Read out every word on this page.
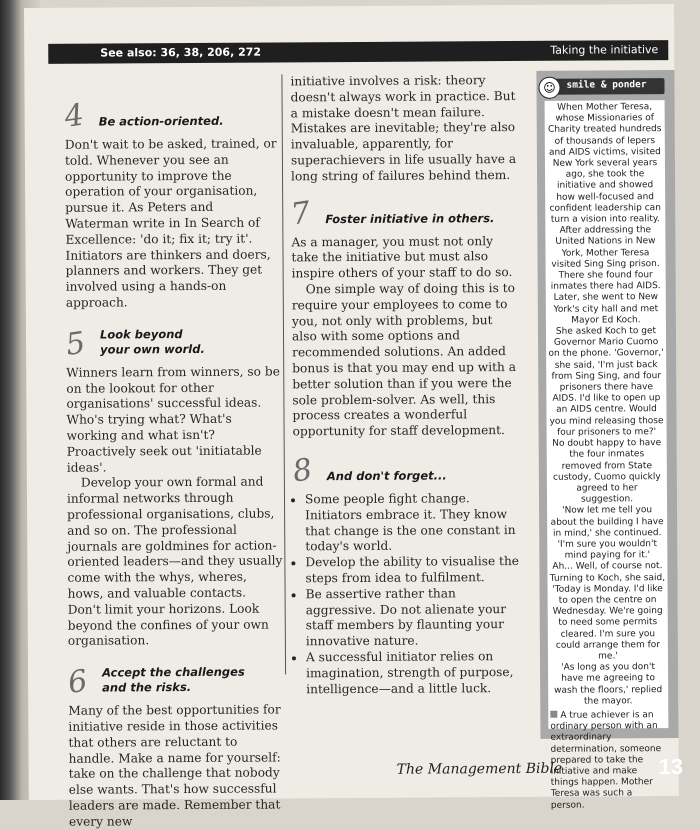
See also: 36, 38, 206, 272	Taking the initiative
4	Be action-oriented.

Don't wait to be asked, trained, or told. Whenever you see an opportunity to improve the operation of your organisation, pursue it. As Peters and Waterman write in In Search of Excellence: 'do it; fix it; try it'. Initiators are thinkers and doers, planners and workers. They get involved using a hands-on approach.

5	Look beyond
your own world.

Winners learn from winners, so be on the lookout for other organisations' successful ideas. Who's trying what? What's working and what isn't? Proactively seek out 'initiatable ideas'.

Develop your own formal and informal networks through professional organisations, clubs, and so on. The professional journals are goldmines for action-oriented leaders—and they usually come with the whys, wheres, hows, and valuable contacts. Don't limit your horizons. Look beyond the confines of your own organisation.

6	Accept the challenges
and the risks.

Many of the best opportunities for initiative reside in those activities that others are reluctant to handle. Make a name for yourself: take on the challenge that nobody else wants. That's how successful leaders are made. Remember that every new

initiative involves a risk: theory doesn't always work in practice. But a mistake doesn't mean failure. Mistakes are inevitable; they're also invaluable, apparently, for superachievers in life usually have a long string of failures behind them.

7	Foster initiative in others.

As a manager, you must not only take the initiative but must also inspire others of your staff to do so.

One simple way of doing this is to require your employees to come to you, not only with problems, but also with some options and recommended solutions. An added bonus is that you may end up with a better solution than if you were the sole problem-solver. As well, this process creates a wonderful opportunity for staff development.

8	And don't forget...
• Some people fight change. Initiators embrace it. They know that change is the one constant in today's world.
• Develop the ability to visualise the steps from idea to fulfilment.
• Be assertive rather than aggressive. Do not alienate your staff members by flaunting your innovative nature.
• A successful initiator relies on imagination, strength of purpose, intelligence—and a little luck.
☺	smile & ponder

When Mother Teresa, whose Missionaries of Charity treated hundreds of thousands of lepers and AIDS victims, visited New York several years ago, she took the initiative and showed how well-focused and confident leadership can turn a vision into reality.

After addressing the United Nations in New York, Mother Teresa visited Sing Sing prison. There she found four inmates there had AIDS. Later, she went to New York's city hall and met Mayor Ed Koch.

She asked Koch to get Governor Mario Cuomo on the phone. 'Governor,' she said, 'I'm just back from Sing Sing, and four prisoners there have AIDS. I'd like to open up an AIDS centre. Would you mind releasing those four prisoners to me?'

No doubt happy to have the four inmates removed from State custody, Cuomo quickly agreed to her suggestion.

'Now let me tell you about the building I have in mind,' she continued. 'I'm sure you wouldn't mind paying for it.'

Ah... Well, of course not.

Turning to Koch, she said, 'Today is Monday. I'd like to open the centre on Wednesday. We're going to need some permits cleared. I'm sure you could arrange them for me.'

'As long as you don't have me agreeing to wash the floors,' replied the mayor.

A true achiever is an ordinary person with an extraordinary determination, someone prepared to take the initiative and make things happen. Mother Teresa was such a person.

The Management Bible	13
